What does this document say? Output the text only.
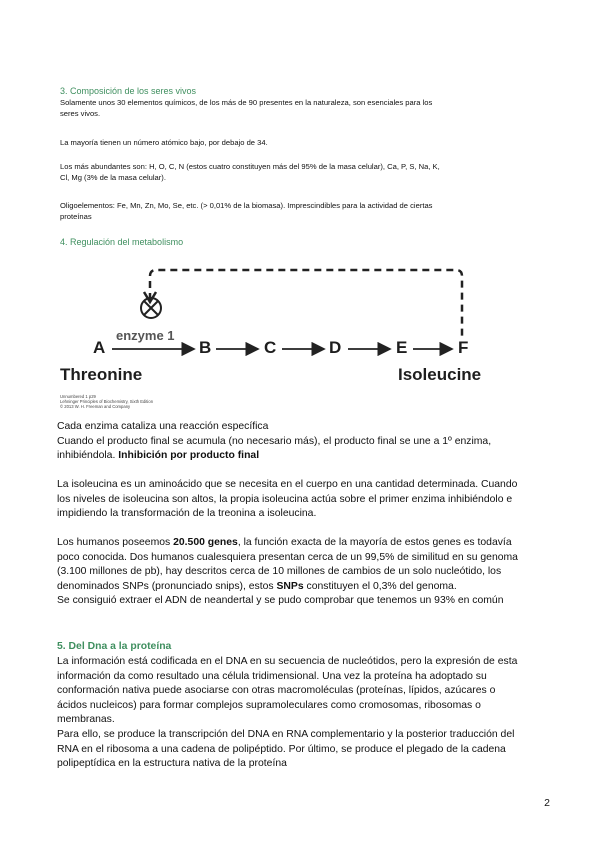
3. Composición de los seres vivos
Solamente unos 30 elementos químicos, de los más de 90 presentes en la naturaleza, son esenciales para los
seres vivos.
La mayoría tienen un número atómico bajo, por debajo de 34.
Los más abundantes son: H, O, C, N (estos cuatro constituyen más del 95% de la masa celular), Ca, P, S, Na, K,
Cl, Mg (3% de la masa celular).
Oligoelementos: Fe, Mn, Zn, Mo, Se, etc. (> 0,01% de la biomasa). Imprescindibles para la actividad de ciertas
proteínas
4. Regulación del metabolismo
enzyme 1
A	B	C	D	E	F
Threonine	Isoleucine
Unnumbered 1 p29
Lehninger Principles of Biochemistry, Sixth Edition
© 2013 W. H. Freeman and Company
Cada enzima cataliza una reacción específica
Cuando el producto final se acumula (no necesario más), el producto final se une a 1º enzima,
inhibiéndola. Inhibición por producto final
La isoleucina es un aminoácido que se necesita en el cuerpo en una cantidad determinada. Cuando
los niveles de isoleucina son altos, la propia isoleucina actúa sobre el primer enzima inhibiéndolo e
impidiendo la transformación de la treonina a isoleucina.
Los humanos poseemos 20.500 genes, la función exacta de la mayoría de estos genes es todavía
poco conocida. Dos humanos cualesquiera presentan cerca de un 99,5% de similitud en su genoma
(3.100 millones de pb), hay descritos cerca de 10 millones de cambios de un solo nucleótido, los
denominados SNPs (pronunciado snips), estos SNPs constituyen el 0,3% del genoma.
Se consiguió extraer el ADN de neandertal y se pudo comprobar que tenemos un 93% en común
5. Del Dna a la proteína
La información está codificada en el DNA en su secuencia de nucleótidos, pero la expresión de esta
información da como resultado una célula tridimensional. Una vez la proteína ha adoptado su
conformación nativa puede asociarse con otras macromoléculas (proteínas, lípidos, azúcares o
ácidos nucleicos) para formar complejos supramoleculares como cromosomas, ribosomas o
membranas.
Para ello, se produce la transcripción del DNA en RNA complementario y la posterior traducción del
RNA en el ribosoma a una cadena de polipéptido. Por último, se produce el plegado de la cadena
polipeptídica en la estructura nativa de la proteína
2
